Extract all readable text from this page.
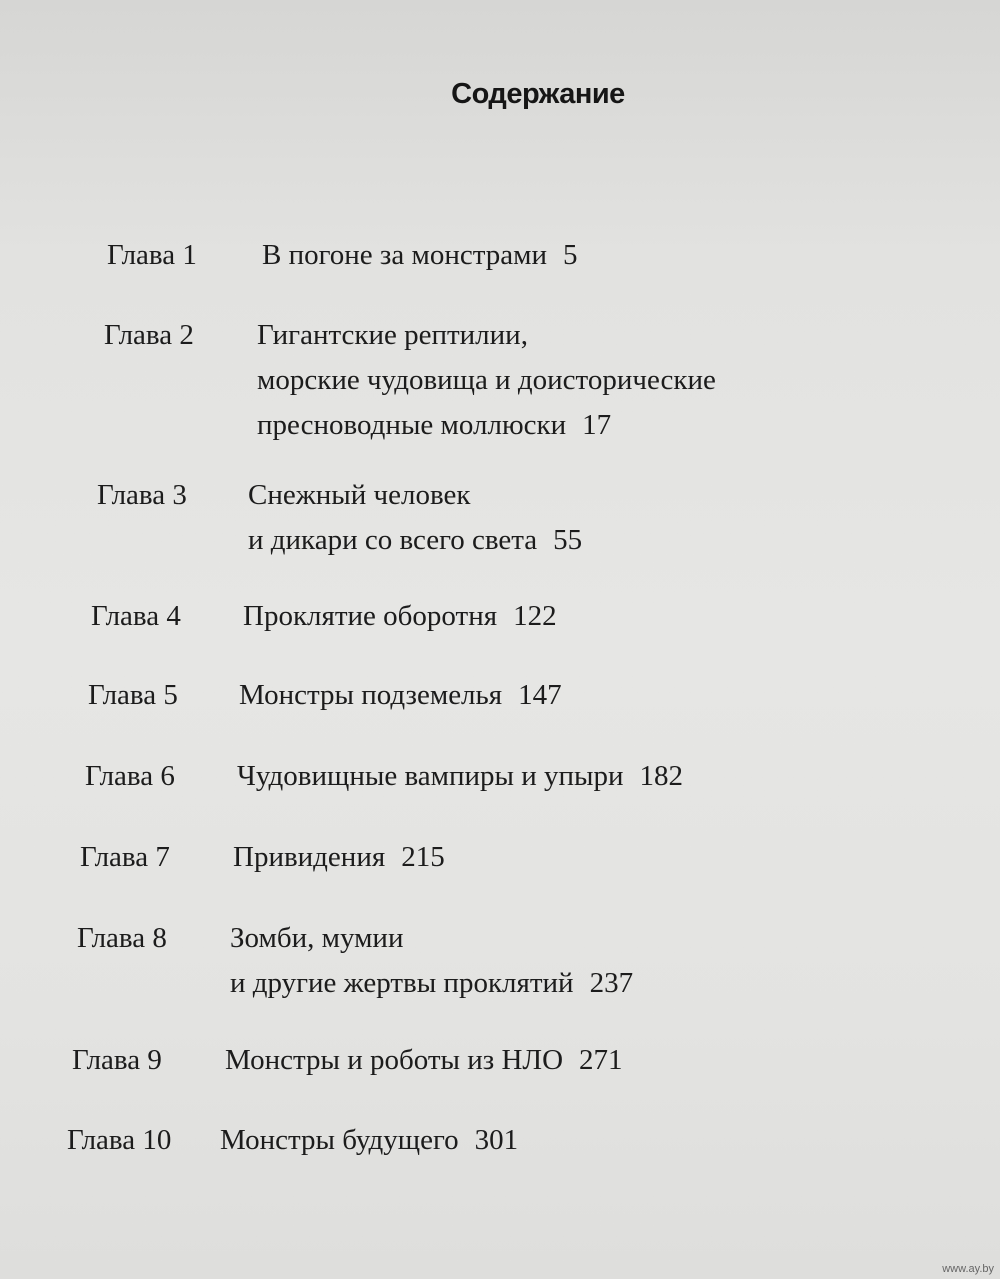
Содержание
Глава 1 В погоне за монстрами 5
Глава 2 Гигантские рептилии,
морские чудовища и доисторические
пресноводные моллюски 17
Глава 3 Снежный человек
и дикари со всего света 55
Глава 4 Проклятие оборотня 122
Глава 5 Монстры подземелья 147
Глава 6 Чудовищные вампиры и упыри 182
Глава 7 Привидения 215
Глава 8 Зомби, мумии
и другие жертвы проклятий 237
Глава 9 Монстры и роботы из НЛО 271
Глава 10 Монстры будущего 301
www.ay.by
